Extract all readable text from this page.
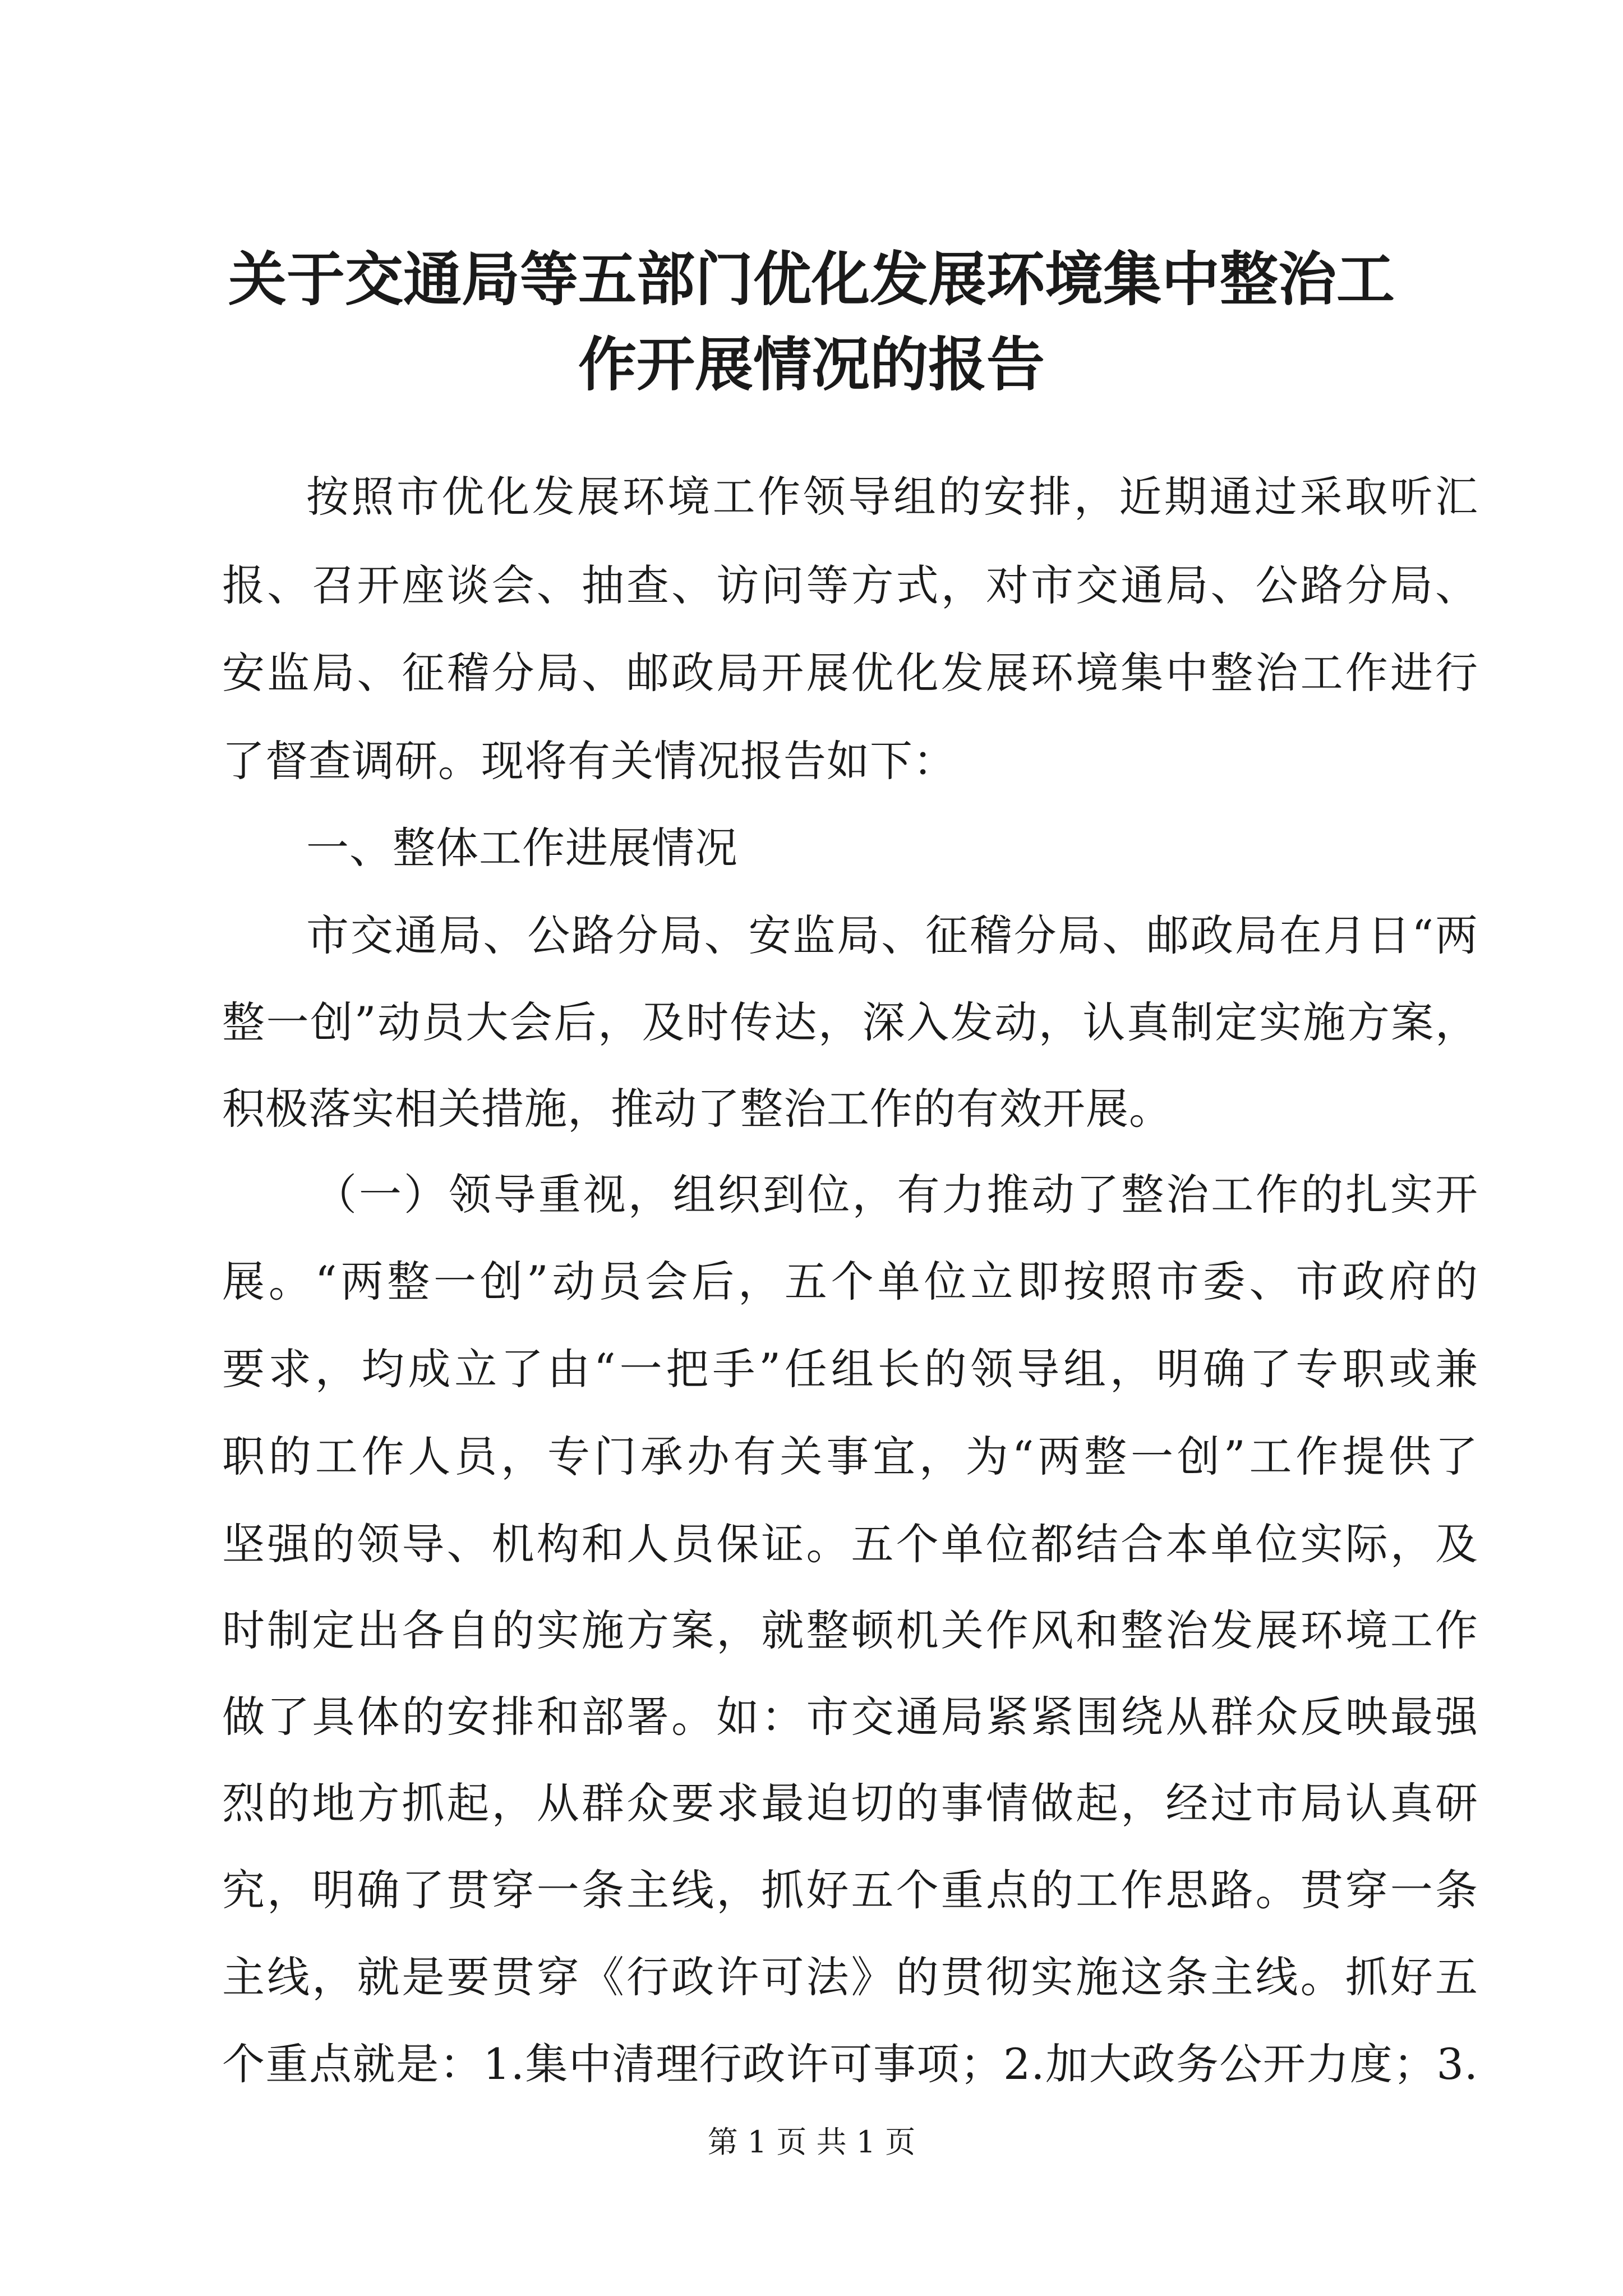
关于交通局等五部门优化发展环境集中整治工
作开展情况的报告
按照市优化发展环境工作领导组的安排，近期通过采取听汇
报、召开座谈会、抽查、访问等方式，对市交通局、公路分局、
安监局、征稽分局、邮政局开展优化发展环境集中整治工作进行
了督查调研。现将有关情况报告如下：
一、整体工作进展情况
市交通局、公路分局、安监局、征稽分局、邮政局在月日“两
整一创”动员大会后，及时传达，深入发动，认真制定实施方案，
积极落实相关措施，推动了整治工作的有效开展。
（一）领导重视，组织到位，有力推动了整治工作的扎实开
展。“两整一创”动员会后，五个单位立即按照市委、市政府的
要求，均成立了由“一把手”任组长的领导组，明确了专职或兼
职的工作人员，专门承办有关事宜，为“两整一创”工作提供了
坚强的领导、机构和人员保证。五个单位都结合本单位实际，及
时制定出各自的实施方案，就整顿机关作风和整治发展环境工作
做了具体的安排和部署。如：市交通局紧紧围绕从群众反映最强
烈的地方抓起，从群众要求最迫切的事情做起，经过市局认真研
究，明确了贯穿一条主线，抓好五个重点的工作思路。贯穿一条
主线，就是要贯穿《行政许可法》的贯彻实施这条主线。抓好五
个重点就是：1.集中清理行政许可事项；2.加大政务公开力度；3.
第 1 页 共 1 页
